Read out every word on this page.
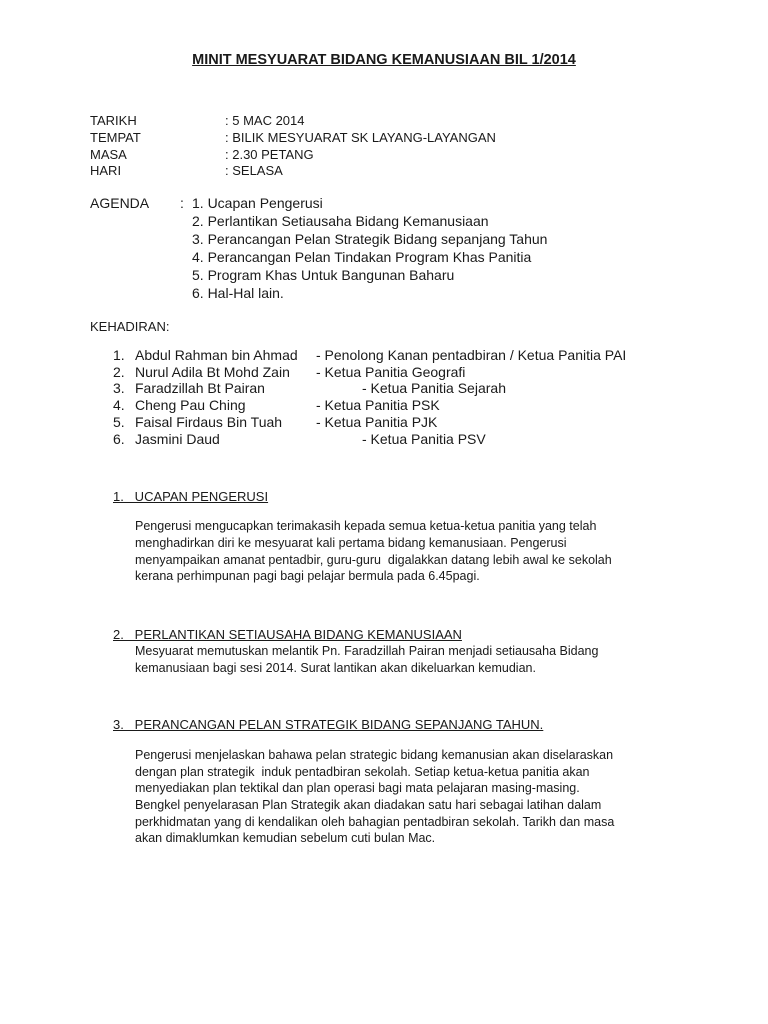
MINIT MESYUARAT BIDANG KEMANUSIAAN BIL 1/2014
TARIKH	: 5 MAC 2014
TEMPAT	: BILIK MESYUARAT SK LAYANG-LAYANGAN
MASA	: 2.30 PETANG
HARI	: SELASA
AGENDA : 1. Ucapan Pengerusi
2. Perlantikan Setiausaha Bidang Kemanusiaan
3. Perancangan Pelan Strategik Bidang sepanjang Tahun
4. Perancangan Pelan Tindakan Program Khas Panitia
5. Program Khas Untuk Bangunan Baharu
6. Hal-Hal lain.
KEHADIRAN:
1. Abdul Rahman bin Ahmad - Penolong Kanan pentadbiran / Ketua Panitia PAI
2. Nurul Adila Bt Mohd Zain - Ketua Panitia Geografi
3. Faradzillah Bt Pairan	- Ketua Panitia Sejarah
4. Cheng Pau Ching	- Ketua Panitia PSK
5. Faisal Firdaus Bin Tuah - Ketua Panitia PJK
6. Jasmini Daud	- Ketua Panitia PSV
1.   UCAPAN PENGERUSI
Pengerusi mengucapkan terimakasih kepada semua ketua-ketua panitia yang telah
menghadirkan diri ke mesyuarat kali pertama bidang kemanusiaan. Pengerusi
menyampaikan amanat pentadbir, guru-guru  digalakkan datang lebih awal ke sekolah
kerana perhimpunan pagi bagi pelajar bermula pada 6.45pagi.
2.   PERLANTIKAN SETIAUSAHA BIDANG KEMANUSIAAN
Mesyuarat memutuskan melantik Pn. Faradzillah Pairan menjadi setiausaha Bidang
kemanusiaan bagi sesi 2014. Surat lantikan akan dikeluarkan kemudian.
3.   PERANCANGAN PELAN STRATEGIK BIDANG SEPANJANG TAHUN.
Pengerusi menjelaskan bahawa pelan strategic bidang kemanusian akan diselaraskan
dengan plan strategik  induk pentadbiran sekolah. Setiap ketua-ketua panitia akan
menyediakan plan tektikal dan plan operasi bagi mata pelajaran masing-masing.
Bengkel penyelarasan Plan Strategik akan diadakan satu hari sebagai latihan dalam
perkhidmatan yang di kendalikan oleh bahagian pentadbiran sekolah. Tarikh dan masa
akan dimaklumkan kemudian sebelum cuti bulan Mac.
